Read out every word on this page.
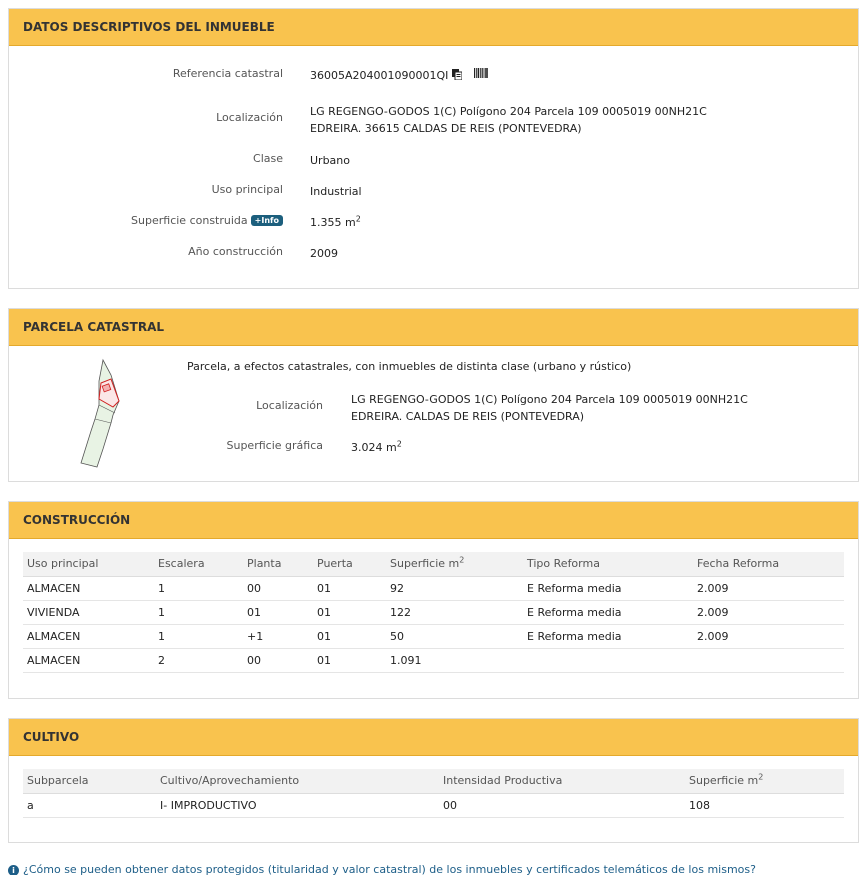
DATOS DESCRIPTIVOS DEL INMUEBLE
Referencia catastral 36005A204001090001QI
Localización LG REGENGO-GODOS 1(C) Polígono 204 Parcela 109 0005019 00NH21C
EDREIRA. 36615 CALDAS DE REIS (PONTEVEDRA)
Clase Urbano
Uso principal Industrial
Superficie construida +Info	1.355 $m^2$
Año construcción 2009
PARCELA CATASTRAL
Parcela, a efectos catastrales, con inmuebles de distinta clase (urbano y rústico)
Localización	LG REGENGO-GODOS 1(C) Polígono 204 Parcela 109 0005019 00NH21C
EDREIRA. CALDAS DE REIS (PONTEVEDRA)
Superficie gráfica	3.024 $m^2$
CONSTRUCCIÓN
Uso principal	Escalera	Planta	Puerta	Superficie $m^2$	Tipo Reforma	Fecha Reforma
ALMACEN	1	00	01	92	E Reforma media	2.009
VIVIENDA	1	01	01	122	E Reforma media	2.009
ALMACEN	1	+1	01	50	E Reforma media	2.009
ALMACEN	2	00	01	1.091		
CULTIVO
Subparcela	Cultivo/Aprovechamiento	Intensidad Productiva	Superficie $m^2$
a	I- IMPRODUCTIVO	00	108
i ¿Cómo se pueden obtener datos protegidos (titularidad y valor catastral) de los inmuebles y certificados telemáticos de los mismos?
